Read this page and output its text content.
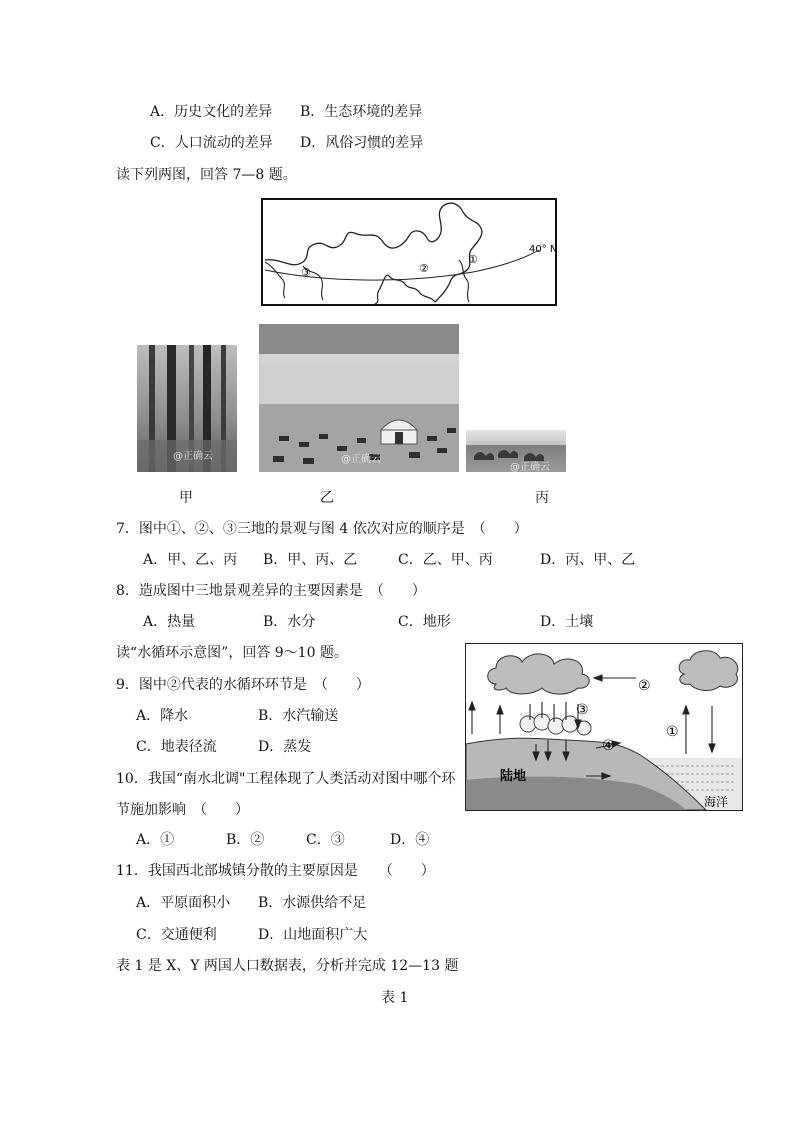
A．历史文化的差异 B．生态环境的差异
C．人口流动的差异 D．风俗习惯的差异
读下列两图，回答 7—8 题。
40° N
③	②
①
@正确云	@正确云
@正确云
甲	乙	丙
7．图中①、②、③三地的景观与图 4 依次对应的顺序是　（　　）
A．甲、乙、丙 B．甲、丙、乙	C．乙、甲、丙	D．丙、甲、乙
8．造成图中三地景观差异的主要因素是　（　　）
A．热量	B．水分	C．地形	D．土壤
读“水循环示意图”，回答 9～10 题。
②
③
④
①
陆地
海洋
9．图中②代表的水循环环节是　（　　）
A．降水	B．水汽输送
C．地表径流	D．蒸发
10．我国“南水北调"工程体现了人类活动对图中哪个环
节施加影响　（　　）
A．①	B．②	C．③	D．④
11．我国西北部城镇分散的主要原因是　　（　　）
A．平原面积小 B．水源供给不足
C．交通便利	D．山地面积广大
表 1 是 X、Y 两国人口数据表，分析并完成 12—13 题
表 1
